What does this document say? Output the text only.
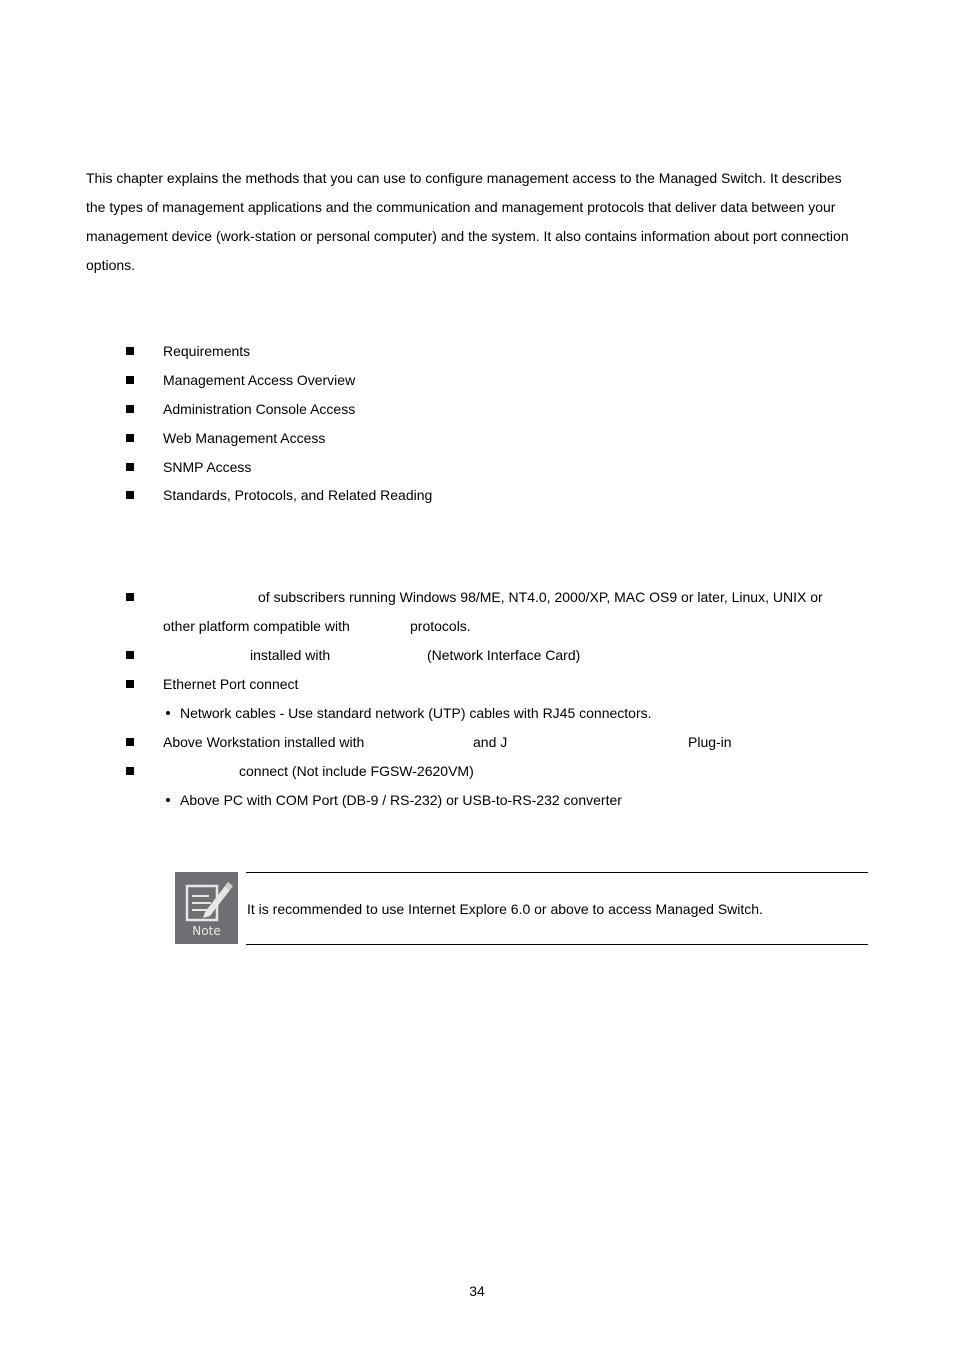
This chapter explains the methods that you can use to configure management access to the Managed Switch. It describes
the types of management applications and the communication and management protocols that deliver data between your
management device (work-station or personal computer) and the system. It also contains information about port connection
options.
Requirements
Management Access Overview
Administration Console Access
Web Management Access
SNMP Access
Standards, Protocols, and Related Reading
of subscribers running Windows 98/ME, NT4.0, 2000/XP, MAC OS9 or later, Linux, UNIX or
other platform compatible with	protocols.
installed with	(Network Interface Card)
Ethernet Port connect
Network cables - Use standard network (UTP) cables with RJ45 connectors.
Above Workstation installed with	and J	Plug-in
connect (Not include FGSW-2620VM)
Above PC with COM Port (DB-9 / RS-232) or USB-to-RS-232 converter
Note
It is recommended to use Internet Explore 6.0 or above to access Managed Switch.
34
